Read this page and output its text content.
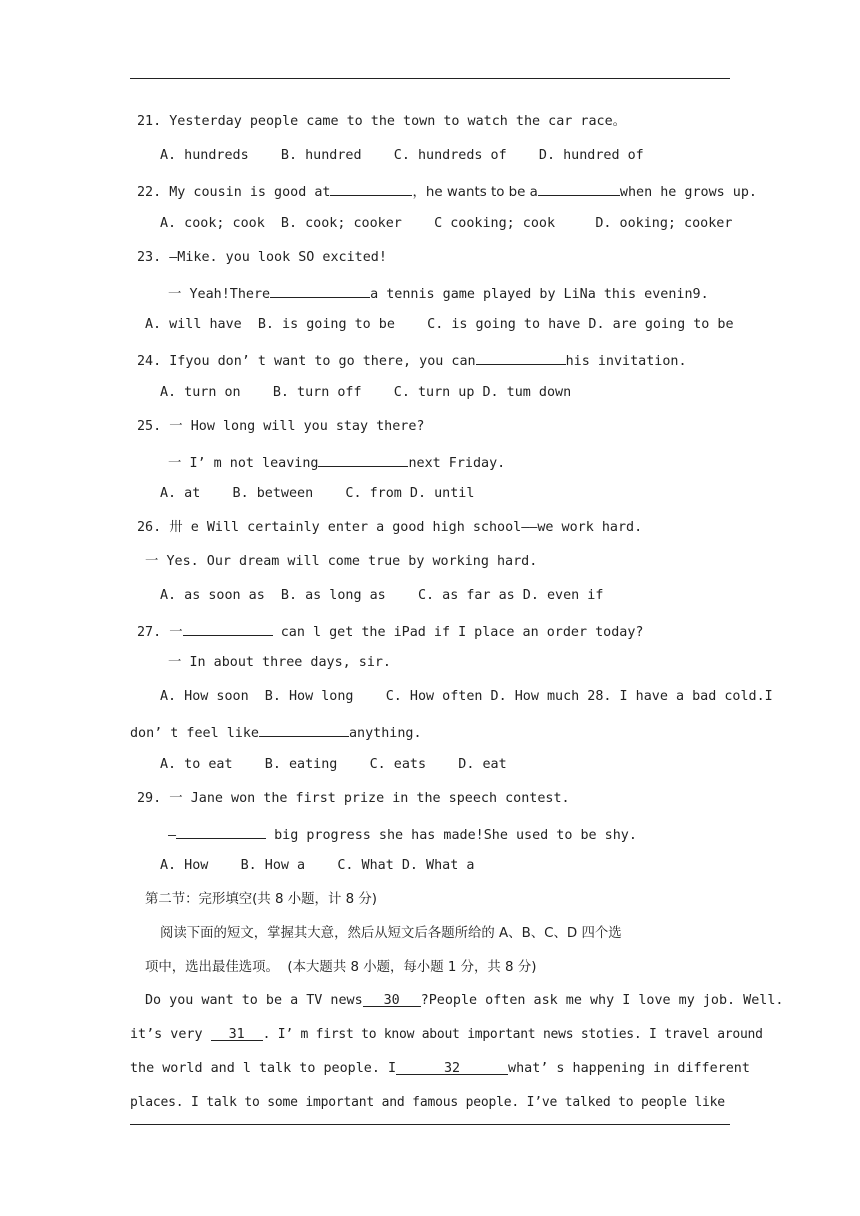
21. Yesterday people came to the town to watch the car race。
A. hundreds    B. hundred    C. hundreds of    D. hundred of
22. My cousin is good at	，he wants to be a	when he grows up.
A. cook; cook  B. cook; cooker    C cooking; cook     D. ooking; cooker
23. —Mike. you look SO excited!
一 Yeah!There	a tennis game played by LiNa this evenin9.
A. will have  B. is going to be    C. is going to have D. are going to be
24. Ifyou don’ t want to go there, you can	his invitation.
A. turn on    B. turn off    C. turn up D. tum down
25. 一 How long will you stay there?
一 I’ m not leaving	next Friday.
A. at    B. between    C. from D. until
26. 卅 e Will certainly enter a good high school——we work hard.
一 Yes. Our dream will come true by working hard.
A. as soon as  B. as long as    C. as far as D. even if
27. 一	can l get the iPad if I place an order today?
一 In about three days, sir.
A. How soon  B. How long    C. How often D. How much 28. I have a bad cold.I
don’ t feel like	anything.
A. to eat    B. eating    C. eats    D. eat
29. 一 Jane won the first prize in the speech contest.
—	big progress she has made!She used to be shy.
A. How    B. How a    C. What D. What a
第二节：完形填空(共 8 小题，计 8 分)
阅读下面的短文，掌握其大意，然后从短文后各题所给的 A、B、C、D 四个选
项中，选出最佳选项。  (本大题共 8 小题，每小题 1 分，共 8 分)
Do you want to be a TV news 30 ?People often ask me why I love my job. Well.
it’s very 31 . I’ m first to know about important news stoties. I travel around
the world and l talk to people. I	32	what’ s happening in different
places. I talk to some important and famous people. I’ve talked to people like
